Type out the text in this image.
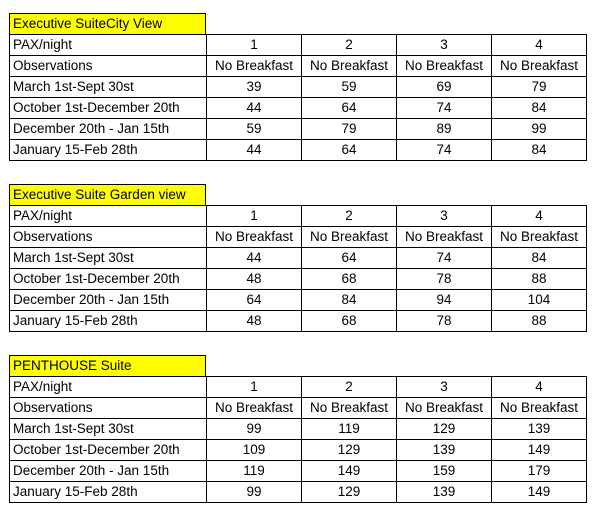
Executive SuiteCity View
PAX/night	1	2	3	4
Observations	No Breakfast	No Breakfast	No Breakfast	No Breakfast
March 1st-Sept 30st	39	59	69	79
October 1st-December 20th	44	64	74	84
December 20th - Jan 15th	59	79	89	99
January 15-Feb 28th	44	64	74	84
Executive Suite Garden view
PAX/night	1	2	3	4
Observations	No Breakfast	No Breakfast	No Breakfast	No Breakfast
March 1st-Sept 30st	44	64	74	84
October 1st-December 20th	48	68	78	88
December 20th - Jan 15th	64	84	94	104
January 15-Feb 28th	48	68	78	88
PENTHOUSE Suite
PAX/night	1	2	3	4
Observations	No Breakfast	No Breakfast	No Breakfast	No Breakfast
March 1st-Sept 30st	99	119	129	139
October 1st-December 20th	109	129	139	149
December 20th - Jan 15th	119	149	159	179
January 15-Feb 28th	99	129	139	149
